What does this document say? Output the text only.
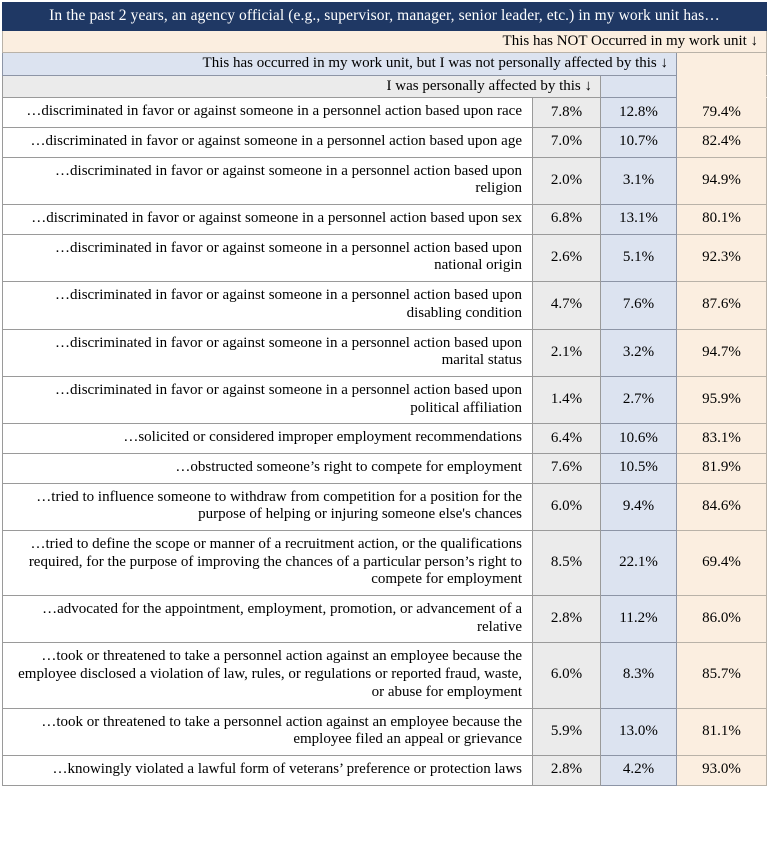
In the past 2 years, an agency official (e.g., supervisor, manager, senior leader, etc.) in my work unit has…			
This has NOT Occurred in my work unit ↓			
This has occurred in my work unit, but I was not personally affected by this ↓			
I was personally affected by this ↓			
…discriminated in favor or against someone in a personnel action based upon race	7.8%	12.8%	79.4%
…discriminated in favor or against someone in a personnel action based upon age	7.0%	10.7%	82.4%
…discriminated in favor or against someone in a personnel action based upon religion	2.0%	3.1%	94.9%
…discriminated in favor or against someone in a personnel action based upon sex	6.8%	13.1%	80.1%
…discriminated in favor or against someone in a personnel action based upon national origin	2.6%	5.1%	92.3%
…discriminated in favor or against someone in a personnel action based upon disabling condition	4.7%	7.6%	87.6%
…discriminated in favor or against someone in a personnel action based upon marital status	2.1%	3.2%	94.7%
…discriminated in favor or against someone in a personnel action based upon political affiliation	1.4%	2.7%	95.9%
…solicited or considered improper employment recommendations	6.4%	10.6%	83.1%
…obstructed someone’s right to compete for employment	7.6%	10.5%	81.9%
…tried to influence someone to withdraw from competition for a position for the purpose of helping or injuring someone else's chances	6.0%	9.4%	84.6%
…tried to define the scope or manner of a recruitment action, or the qualifications required, for the purpose of improving the chances of a particular person’s right to compete for employment	8.5%	22.1%	69.4%
…advocated for the appointment, employment, promotion, or advancement of a relative	2.8%	11.2%	86.0%
…took or threatened to take a personnel action against an employee because the employee disclosed a violation of law, rules, or regulations or reported fraud, waste, or abuse for employment	6.0%	8.3%	85.7%
…took or threatened to take a personnel action against an employee because the employee filed an appeal or grievance	5.9%	13.0%	81.1%
…knowingly violated a lawful form of veterans’ preference or protection laws	2.8%	4.2%	93.0%
